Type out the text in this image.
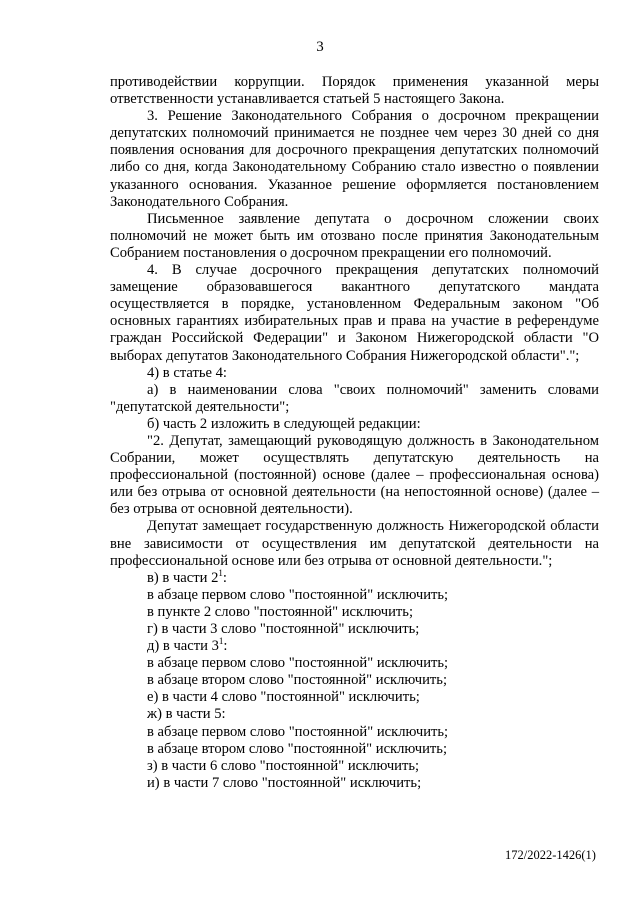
3

противодействии коррупции. Порядок применения указанной меры ответственности устанавливается статьей 5 настоящего Закона.

3. Решение Законодательного Собрания о досрочном прекращении депутатских полномочий принимается не позднее чем через 30 дней со дня появления основания для досрочного прекращения депутатских полномочий либо со дня, когда Законодательному Собранию стало известно о появлении указанного основания. Указанное решение оформляется постановлением Законодательного Собрания.

Письменное заявление депутата о досрочном сложении своих полномочий не может быть им отозвано после принятия Законодательным Собранием постановления о досрочном прекращении его полномочий.

4. В случае досрочного прекращения депутатских полномочий замещение образовавшегося вакантного депутатского мандата осуществляется в порядке, установленном Федеральным законом "Об основных гарантиях избирательных прав и права на участие в референдуме граждан Российской Федерации" и Законом Нижегородской области "О выборах депутатов Законодательного Собрания Нижегородской области".";

4) в статье 4:

а) в наименовании слова "своих полномочий" заменить словами "депутатской деятельности";

б) часть 2 изложить в следующей редакции:

"2. Депутат, замещающий руководящую должность в Законодательном Собрании, может осуществлять депутатскую деятельность на профессиональной (постоянной) основе (далее – профессиональная основа) или без отрыва от основной деятельности (на непостоянной основе) (далее – без отрыва от основной деятельности).

Депутат замещает государственную должность Нижегородской области вне зависимости от осуществления им депутатской деятельности на профессиональной основе или без отрыва от основной деятельности.";

в) в части $2^1$:

в абзаце первом слово "постоянной" исключить;

в пункте 2 слово "постоянной" исключить;

г) в части 3 слово "постоянной" исключить;

д) в части $3^1$:

в абзаце первом слово "постоянной" исключить;

в абзаце втором слово "постоянной" исключить;

е) в части 4 слово "постоянной" исключить;

ж) в части 5:

в абзаце первом слово "постоянной" исключить;

в абзаце втором слово "постоянной" исключить;

з) в части 6 слово "постоянной" исключить;

и) в части 7 слово "постоянной" исключить;

172/2022-1426(1)
